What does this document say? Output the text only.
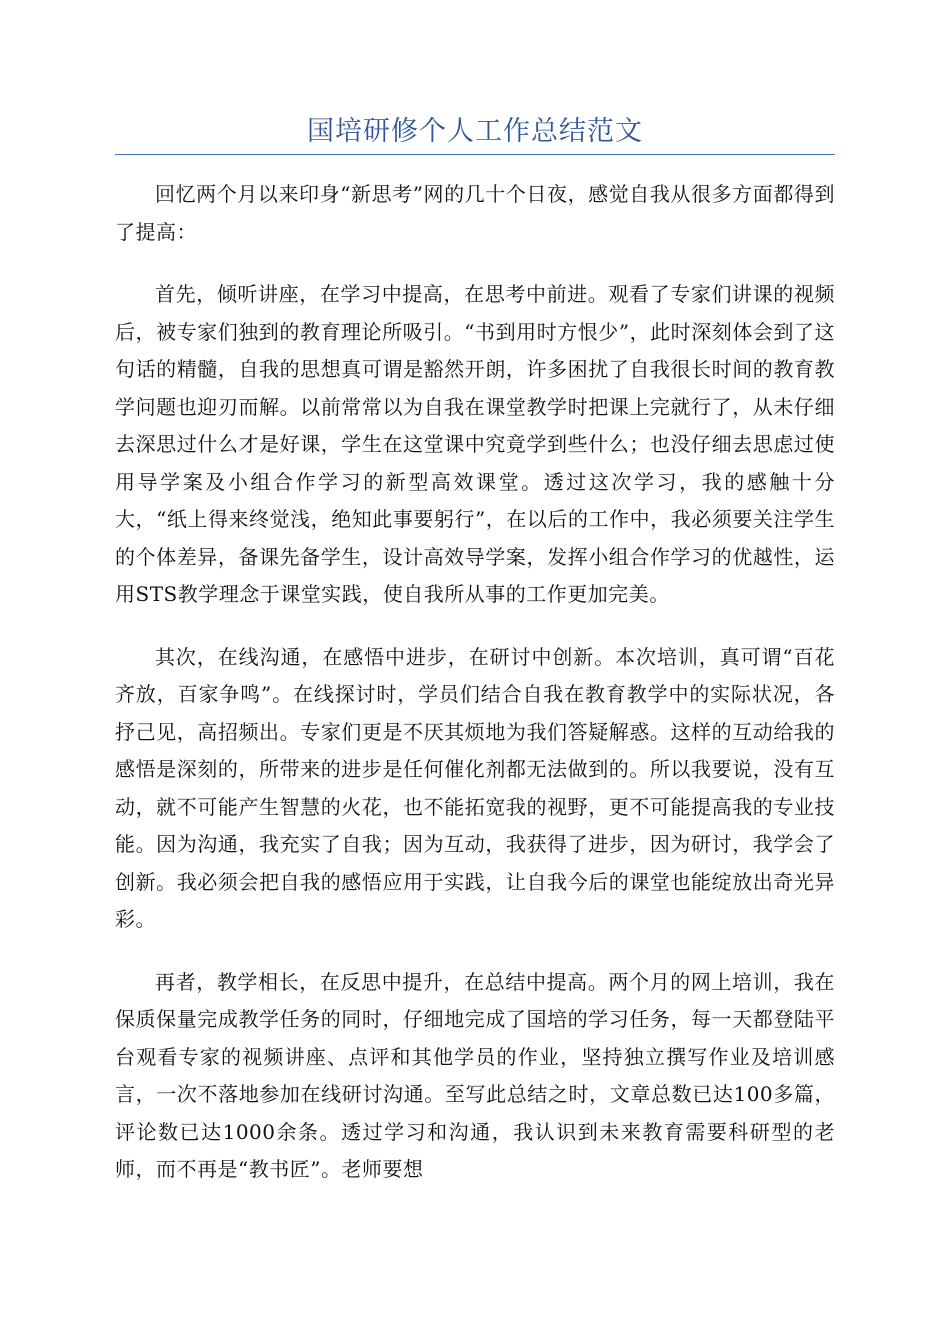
国培研修个人工作总结范文

回忆两个月以来印身“新思考”网的几十个日夜，感觉自我从很多方面都得到了提高：

首先，倾听讲座，在学习中提高，在思考中前进。观看了专家们讲课的视频后，被专家们独到的教育理论所吸引。“书到用时方恨少”，此时深刻体会到了这句话的精髓，自我的思想真可谓是豁然开朗，许多困扰了自我很长时间的教育教学问题也迎刃而解。以前常常以为自我在课堂教学时把课上完就行了，从未仔细去深思过什么才是好课，学生在这堂课中究竟学到些什么；也没仔细去思虑过使用导学案及小组合作学习的新型高效课堂。透过这次学习，我的感触十分大，“纸上得来终觉浅，绝知此事要躬行”，在以后的工作中，我必须要关注学生的个体差异，备课先备学生，设计高效导学案，发挥小组合作学习的优越性，运用STS教学理念于课堂实践，使自我所从事的工作更加完美。

其次，在线沟通，在感悟中进步，在研讨中创新。本次培训，真可谓“百花齐放，百家争鸣”。在线探讨时，学员们结合自我在教育教学中的实际状况，各抒己见，高招频出。专家们更是不厌其烦地为我们答疑解惑。这样的互动给我的感悟是深刻的，所带来的进步是任何催化剂都无法做到的。所以我要说，没有互动，就不可能产生智慧的火花，也不能拓宽我的视野，更不可能提高我的专业技能。因为沟通，我充实了自我；因为互动，我获得了进步，因为研讨，我学会了创新。我必须会把自我的感悟应用于实践，让自我今后的课堂也能绽放出奇光异彩。

再者，教学相长，在反思中提升，在总结中提高。两个月的网上培训，我在保质保量完成教学任务的同时，仔细地完成了国培的学习任务，每一天都登陆平台观看专家的视频讲座、点评和其他学员的作业，坚持独立撰写作业及培训感言，一次不落地参加在线研讨沟通。至写此总结之时，文章总数已达100多篇，评论数已达1000余条。透过学习和沟通，我认识到未来教育需要科研型的老师，而不再是“教书匠”。老师要想
